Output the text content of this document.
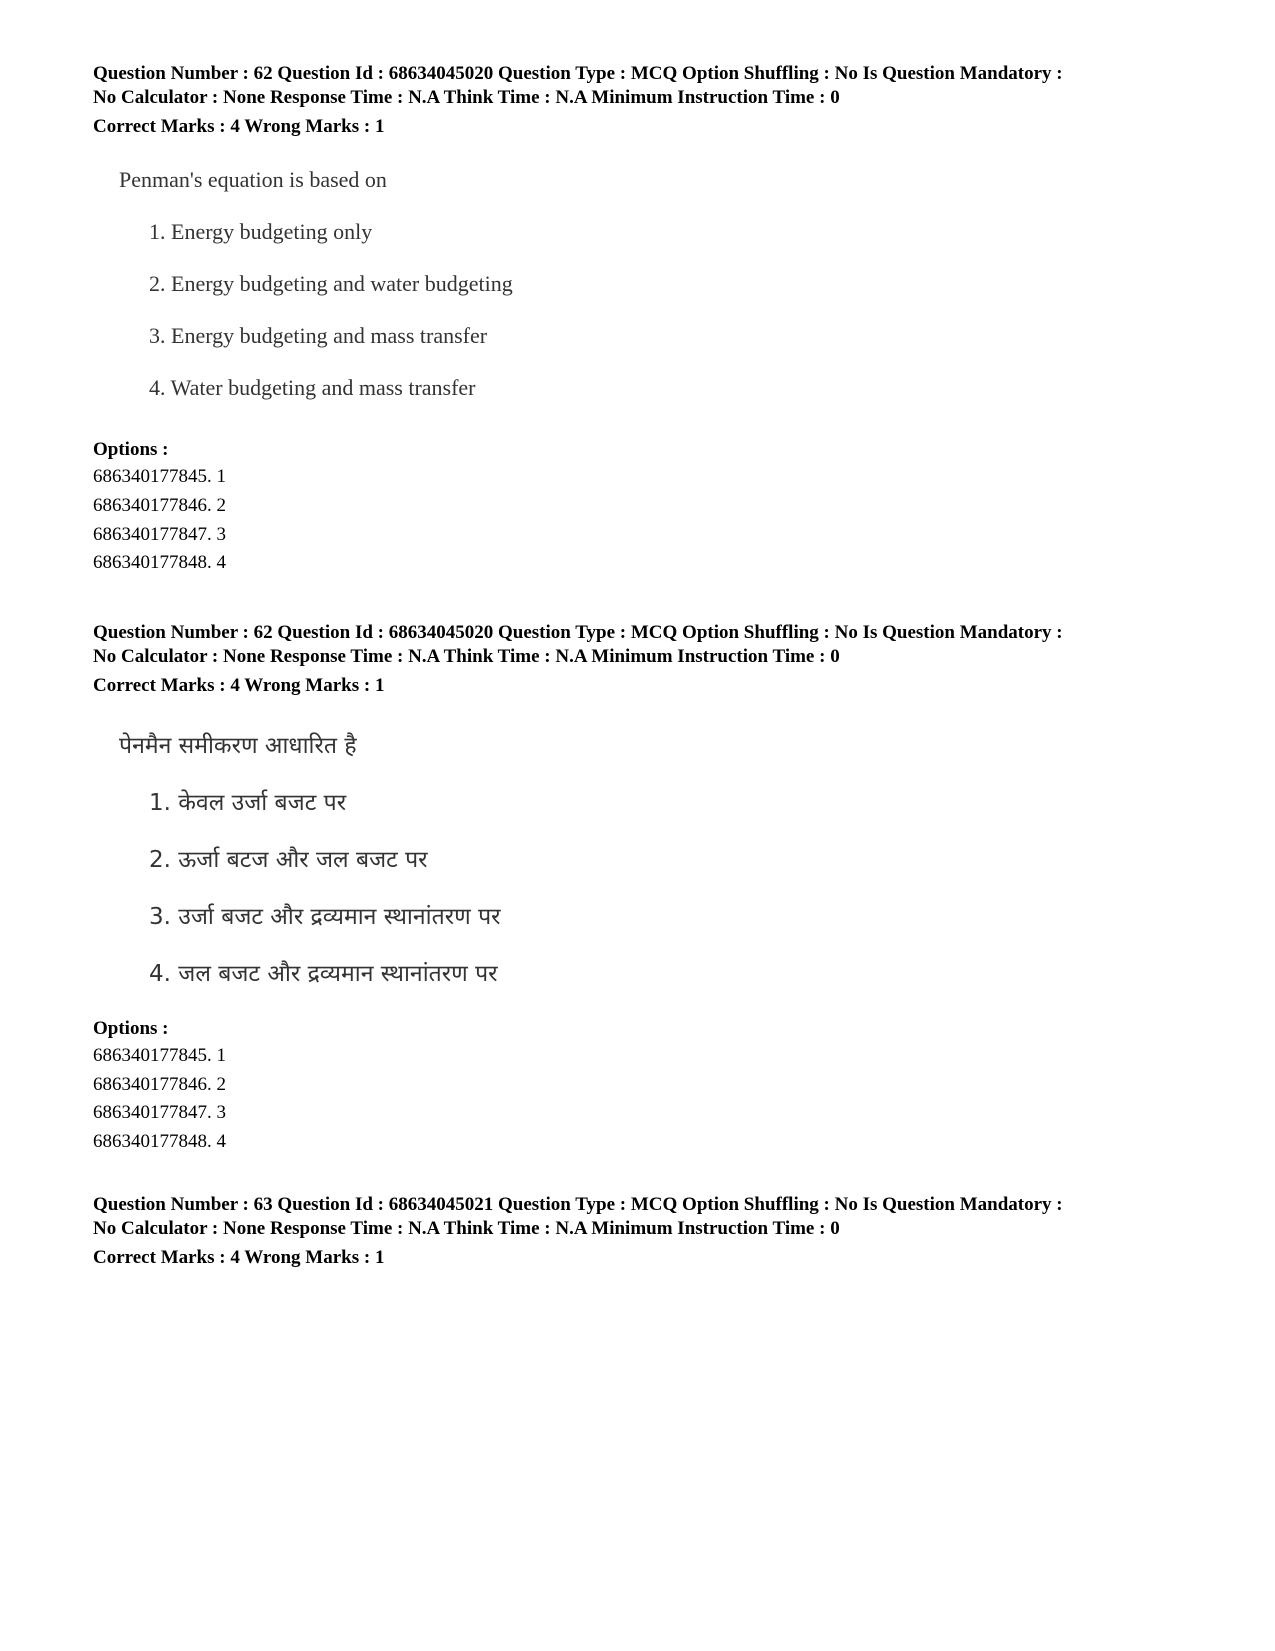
Question Number : 62 Question Id : 68634045020 Question Type : MCQ Option Shuffling : No Is Question Mandatory :

No Calculator : None Response Time : N.A Think Time : N.A Minimum Instruction Time : 0

Correct Marks : 4 Wrong Marks : 1

Penman's equation is based on

1. Energy budgeting only

2. Energy budgeting and water budgeting

3. Energy budgeting and mass transfer

4. Water budgeting and mass transfer

Options :

686340177845. 1

686340177846. 2

686340177847. 3

686340177848. 4

Question Number : 62 Question Id : 68634045020 Question Type : MCQ Option Shuffling : No Is Question Mandatory :

No Calculator : None Response Time : N.A Think Time : N.A Minimum Instruction Time : 0

Correct Marks : 4 Wrong Marks : 1

पेनमैन समीकरण आधारित है

1. केवल उर्जा बजट पर

2. ऊर्जा बटज और जल बजट पर

3. उर्जा बजट और द्रव्यमान स्थानांतरण पर

4. जल बजट और द्रव्यमान स्थानांतरण पर

Options :

686340177845. 1

686340177846. 2

686340177847. 3

686340177848. 4

Question Number : 63 Question Id : 68634045021 Question Type : MCQ Option Shuffling : No Is Question Mandatory :

No Calculator : None Response Time : N.A Think Time : N.A Minimum Instruction Time : 0

Correct Marks : 4 Wrong Marks : 1
